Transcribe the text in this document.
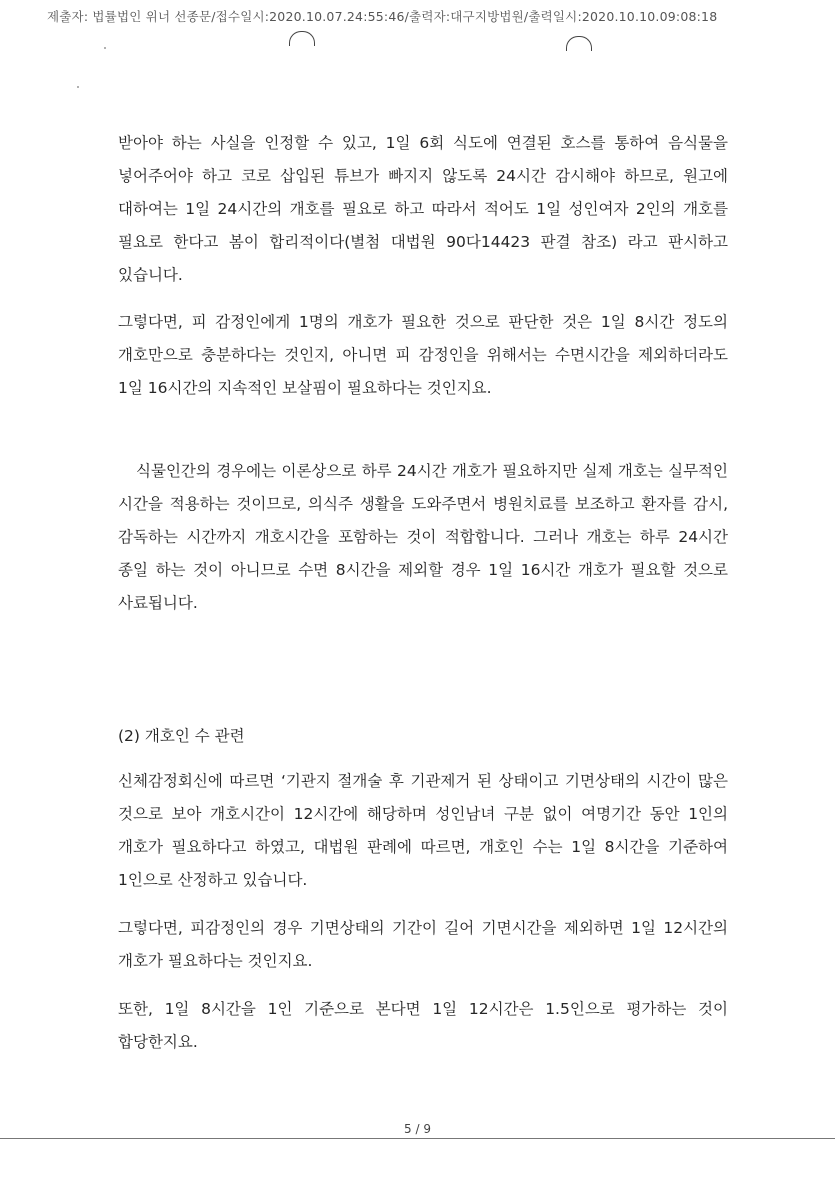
제출자: 법률법인 위너 선종문/접수일시:2020.10.07.24:55:46/출력자:대구지방법원/출력일시:2020.10.10.09:08:18

받아야 하는 사실을 인정할 수 있고, 1일 6회 식도에 연결된 호스를 통하여 음식물을 넣어주어야 하고 코로 삽입된 튜브가 빠지지 않도록 24시간 감시해야 하므로, 원고에 대하여는 1일 24시간의 개호를 필요로 하고 따라서 적어도 1일 성인여자 2인의 개호를 필요로 한다고 봄이 합리적이다(별첨 대법원 90다14423 판결 참조) 라고 판시하고 있습니다.

그렇다면, 피 감정인에게 1명의 개호가 필요한 것으로 판단한 것은 1일 8시간 정도의 개호만으로 충분하다는 것인지, 아니면 피 감정인을 위해서는 수면시간을 제외하더라도 1일 16시간의 지속적인 보살핌이 필요하다는 것인지요.

식물인간의 경우에는 이론상으로 하루 24시간 개호가 필요하지만 실제 개호는 실무적인 시간을 적용하는 것이므로, 의식주 생활을 도와주면서 병원치료를 보조하고 환자를 감시, 감독하는 시간까지 개호시간을 포함하는 것이 적합합니다. 그러나 개호는 하루 24시간 종일 하는 것이 아니므로 수면 8시간을 제외할 경우 1일 16시간 개호가 필요할 것으로 사료됩니다.

(2) 개호인 수 관련

신체감정회신에 따르면 ‘기관지 절개술 후 기관제거 된 상태이고 기면상태의 시간이 많은 것으로 보아 개호시간이 12시간에 해당하며 성인남녀 구분 없이 여명기간 동안 1인의 개호가 필요하다고 하였고, 대법원 판례에 따르면, 개호인 수는 1일 8시간을 기준하여 1인으로 산정하고 있습니다.

그렇다면, 피감정인의 경우 기면상태의 기간이 길어 기면시간을 제외하면 1일 12시간의 개호가 필요하다는 것인지요.

또한, 1일 8시간을 1인 기준으로 본다면 1일 12시간은 1.5인으로 평가하는 것이 합당한지요.

5 / 9
